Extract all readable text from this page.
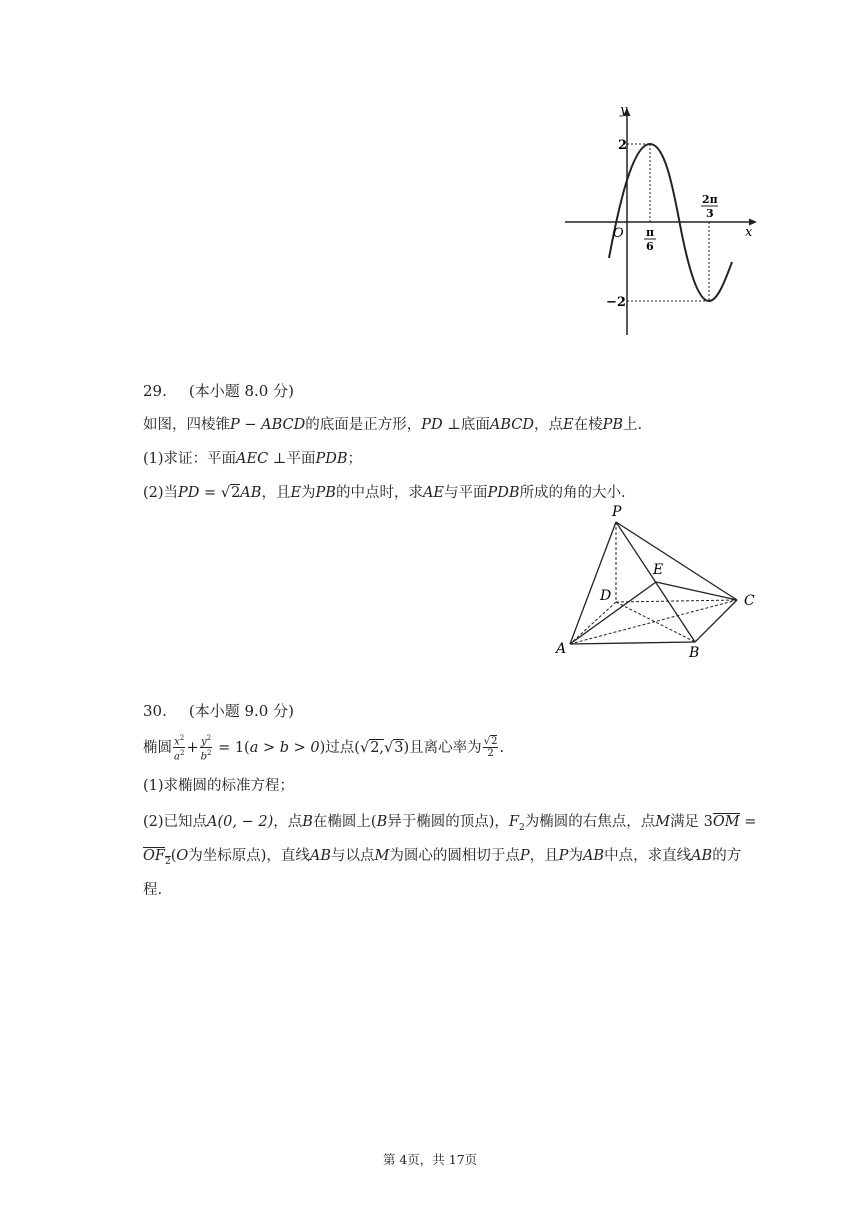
y
x
O
2
−2
π
6
2π
3
29. (本小题 8.0 分)
如图，四棱锥P − ABCD的底面是正方形，PD ⊥底面ABCD，点E在棱PB上.
(1)求证：平面AEC ⊥平面PDB；
(2)当PD = √2AB，且E为PB的中点时，求AE与平面PDB所成的角的大小.
P
E
D	C
A	B
30. (本小题 9.0 分)
椭圆 $\frac{x^2}{a^2} + \frac{y^2}{b^2} = 1(a > b > 0)$过点(√2,√3)且离心率为 $\frac{√2}{2}$ .
(1)求椭圆的标准方程；
(2)已知点A(0, − 2)，点B在椭圆上(B异于椭圆的顶点)，$F_2$为椭圆的右焦点，点M满足 3OM =
$OF_2(O$为坐标原点)，直线AB与以点M为圆心的圆相切于点P，且P为AB中点，求直线AB的方
程.
第 4页，共 17页
